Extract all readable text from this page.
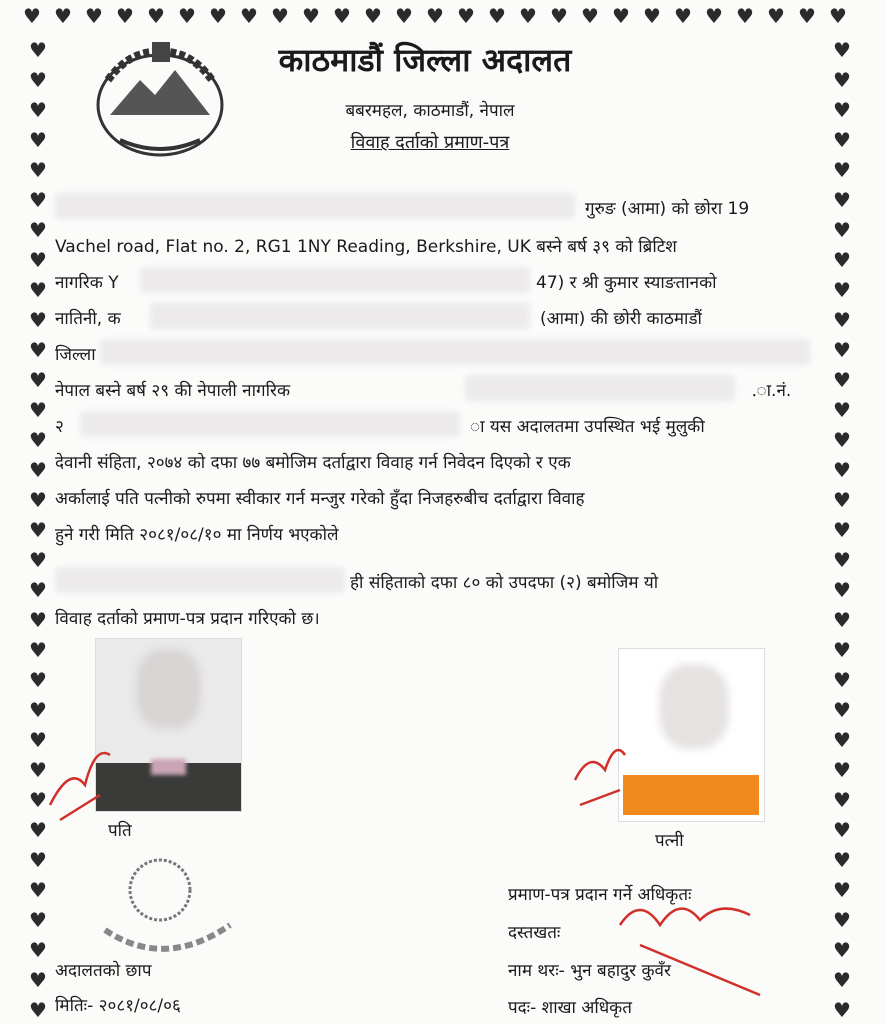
♥ ♥ ♥ ♥ ♥ ♥ ♥ ♥ ♥ ♥ ♥ ♥ ♥ ♥ ♥ ♥ ♥ ♥ ♥ ♥ ♥ ♥ ♥ ♥ ♥ ♥ ♥
♥	♥
♥	♥
♥	♥
♥	♥
♥	♥
♥	♥
♥	♥
♥	♥
♥	♥
♥	♥
♥	♥
♥	♥
♥	♥
♥	♥
♥	♥
♥	♥
♥	♥
♥	♥
♥	♥
♥	♥
♥	♥
♥	♥
♥	♥
♥	♥
♥	♥
♥	♥
♥	♥
♥	♥
♥	♥
♥	♥
♥	♥
♥	♥
♥	♥
काठमाडौं जिल्ला अदालत
बबरमहल, काठमाडौं, नेपाल
विवाह दर्ताको प्रमाण-पत्र
गुरुङ (आमा) को छोरा 19
Vachel road, Flat no. 2, RG1 1NY Reading, Berkshire, UK बस्ने बर्ष ३९ को ब्रिटिश
नागरिक Y	47) र श्री कुमार स्याङतानको
नातिनी, क	(आमा) की छोरी काठमाडौं
जिल्ला
नेपाल बस्ने बर्ष २९ की नेपाली नागरिक	.ा.नं.
२	ा यस अदालतमा उपस्थित भई मुलुकी
देवानी संहिता, २०७४ को दफा ७७ बमोजिम दर्ताद्वारा विवाह गर्न निवेदन दिएको र एक
अर्कालाई पति पत्नीको रुपमा स्वीकार गर्न मन्जुर गरेको हुँदा निजहरुबीच दर्ताद्वारा विवाह
हुने गरी मिति २०८१/०८/१० मा निर्णय भएकोले
ही संहिताको दफा ८० को उपदफा (२) बमोजिम यो
विवाह दर्ताको प्रमाण-पत्र प्रदान गरिएको छ।
पति	पत्नी
अदालतको छाप
मितिः- २०८१/०८/०६
प्रमाण-पत्र प्रदान गर्ने अधिकृतः
दस्तखतः
नाम थरः- भुन बहादुर कुवँर
पदः- शाखा अधिकृत
